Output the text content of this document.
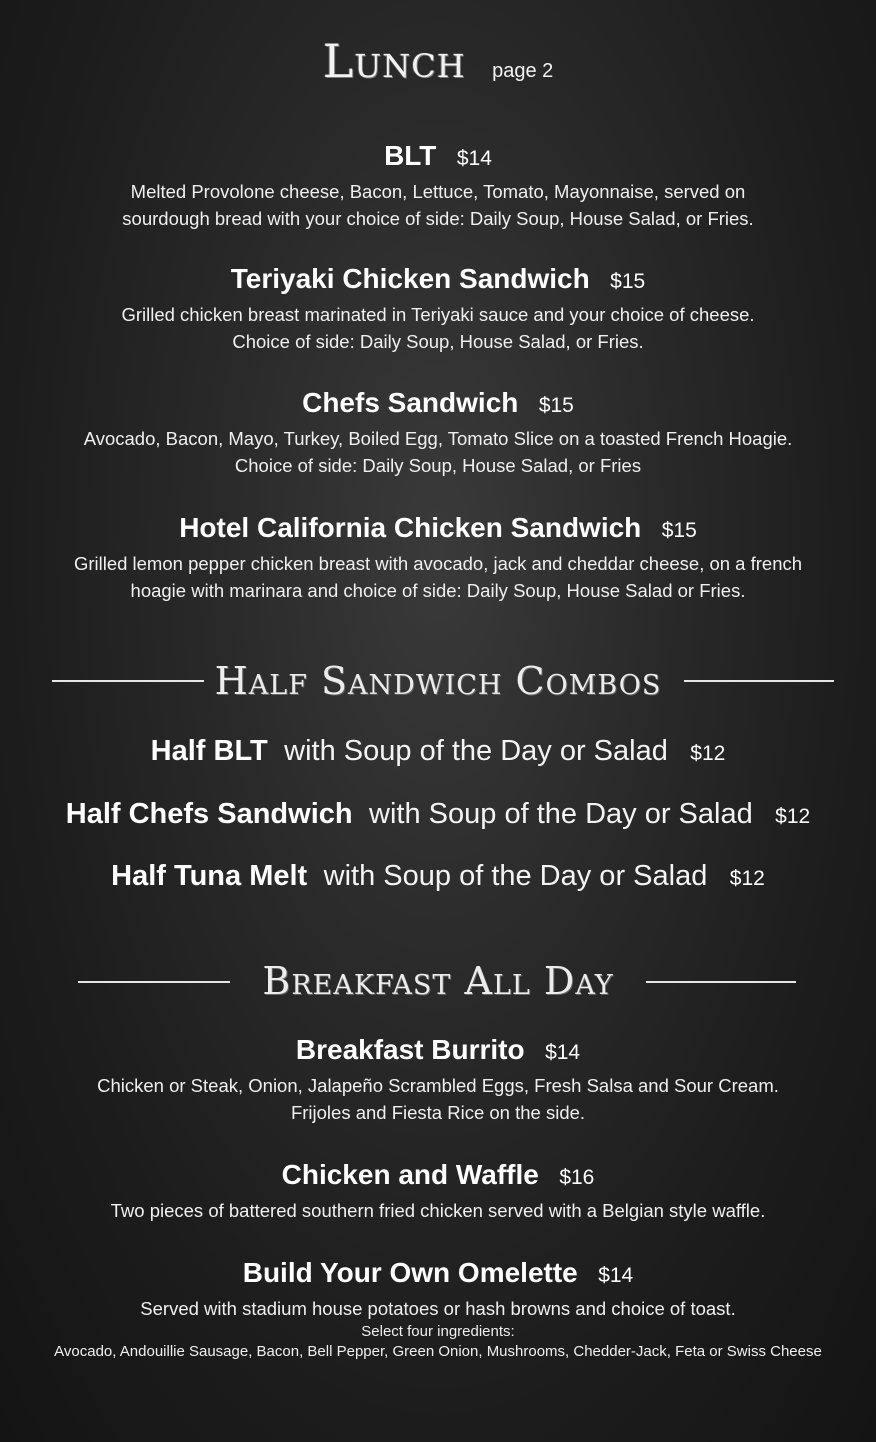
Lunch page 2
BLT $14
Melted Provolone cheese, Bacon, Lettuce, Tomato, Mayonnaise, served on
sourdough bread with your choice of side: Daily Soup, House Salad, or Fries.
Teriyaki Chicken Sandwich $15
Grilled chicken breast marinated in Teriyaki sauce and your choice of cheese.
Choice of side: Daily Soup, House Salad, or Fries.
Chefs Sandwich $15
Avocado, Bacon, Mayo, Turkey, Boiled Egg, Tomato Slice on a toasted French Hoagie.
Choice of side: Daily Soup, House Salad, or Fries
Hotel California Chicken Sandwich $15
Grilled lemon pepper chicken breast with avocado, jack and cheddar cheese, on a french
hoagie with marinara and choice of side: Daily Soup, House Salad or Fries.
Half Sandwich Combos
Half BLT with Soup of the Day or Salad $12
Half Chefs Sandwich with Soup of the Day or Salad $12
Half Tuna Melt with Soup of the Day or Salad $12
Breakfast All Day
Breakfast Burrito $14
Chicken or Steak, Onion, Jalapeño Scrambled Eggs, Fresh Salsa and Sour Cream.
Frijoles and Fiesta Rice on the side.
Chicken and Waffle $16
Two pieces of battered southern fried chicken served with a Belgian style waffle.
Build Your Own Omelette $14
Served with stadium house potatoes or hash browns and choice of toast.
Select four ingredients:
Avocado, Andouillie Sausage, Bacon, Bell Pepper, Green Onion, Mushrooms, Chedder-Jack, Feta or Swiss Cheese
